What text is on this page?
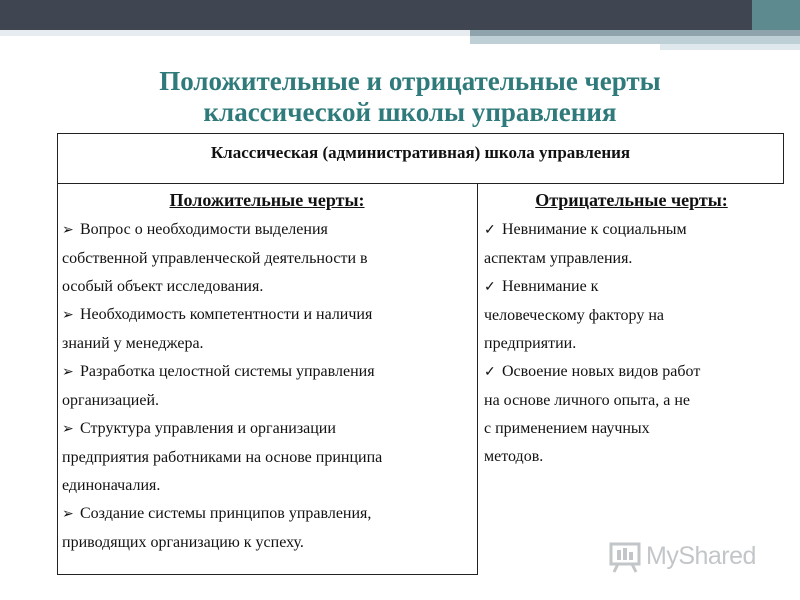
Положительные и отрицательные черты
классической школы управления
Классическая (административная) школа управления
Положительные черты:
➢ Вопрос о необходимости выделения
собственной управленческой деятельности в
особый объект исследования.
➢ Необходимость компетентности и наличия
знаний у менеджера.
➢ Разработка целостной системы управления
организацией.
➢ Структура управления и организации
предприятия работниками на основе принципа
единоначалия.
➢ Создание системы принципов управления,
приводящих организацию к успеху.
Отрицательные черты:
✓ Невнимание к социальным
аспектам управления.
✓ Невнимание к
человеческому фактору на
предприятии.
✓ Освоение новых видов работ
на основе личного опыта, а не
с применением научных
методов.
MyShared
